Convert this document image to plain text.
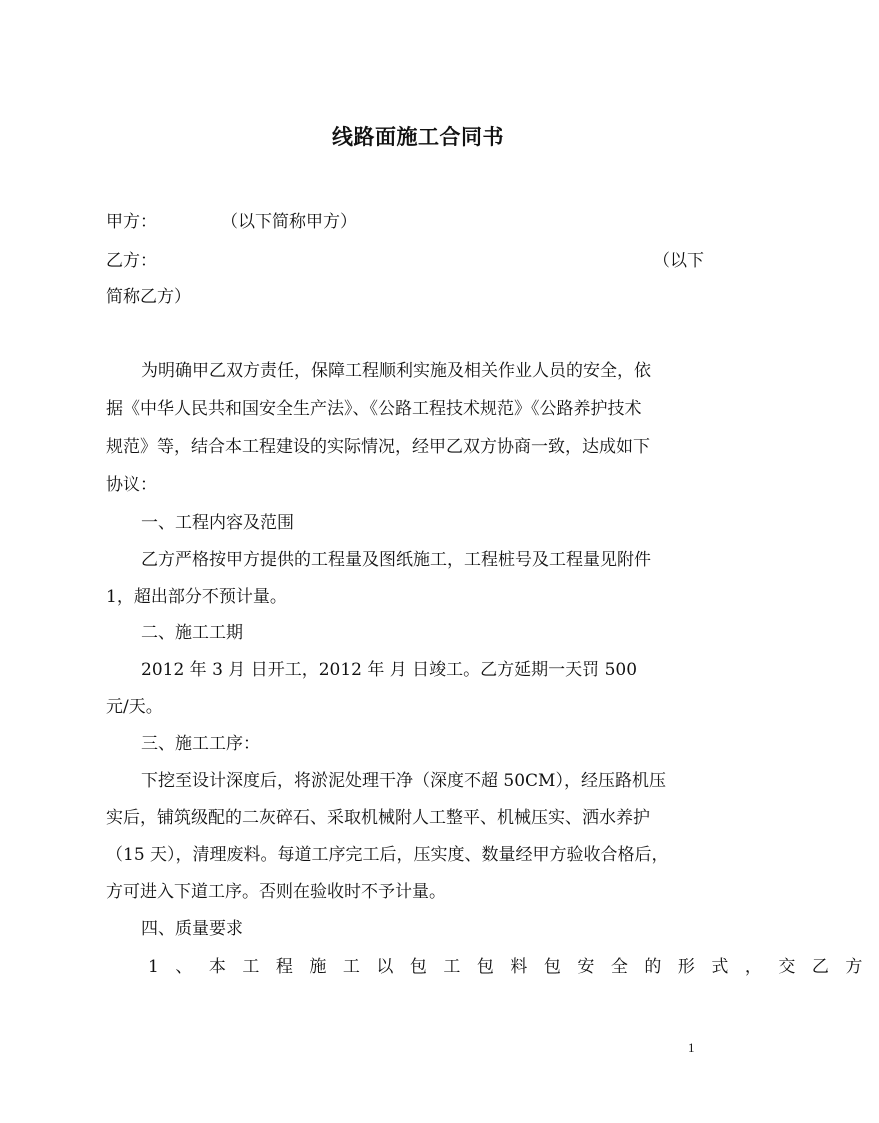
线路面施工合同书
甲方：	（以下简称甲方）
乙方：	（以下
简称乙方）
为明确甲乙双方责任，保障工程顺利实施及相关作业人员的安全，依
据《中华人民共和国安全生产法》、《公路工程技术规范》《公路养护技术
规范》等，结合本工程建设的实际情况，经甲乙双方协商一致，达成如下
协议：
一、工程内容及范围
乙方严格按甲方提供的工程量及图纸施工，工程桩号及工程量见附件
1，超出部分不预计量。
二、施工工期
2012 年 3 月 日开工，2012 年 月 日竣工。乙方延期一天罚 500
元/天。
三、施工工序：
下挖至设计深度后，将淤泥处理干净（深度不超 50CM），经压路机压
实后，铺筑级配的二灰碎石、采取机械附人工整平、机械压实、洒水养护
（15 天），清理废料。每道工序完工后，压实度、数量经甲方验收合格后，
方可进入下道工序。否则在验收时不予计量。
四、质量要求
1、本工程施工以包工包料包安全的形式，交乙方
1
